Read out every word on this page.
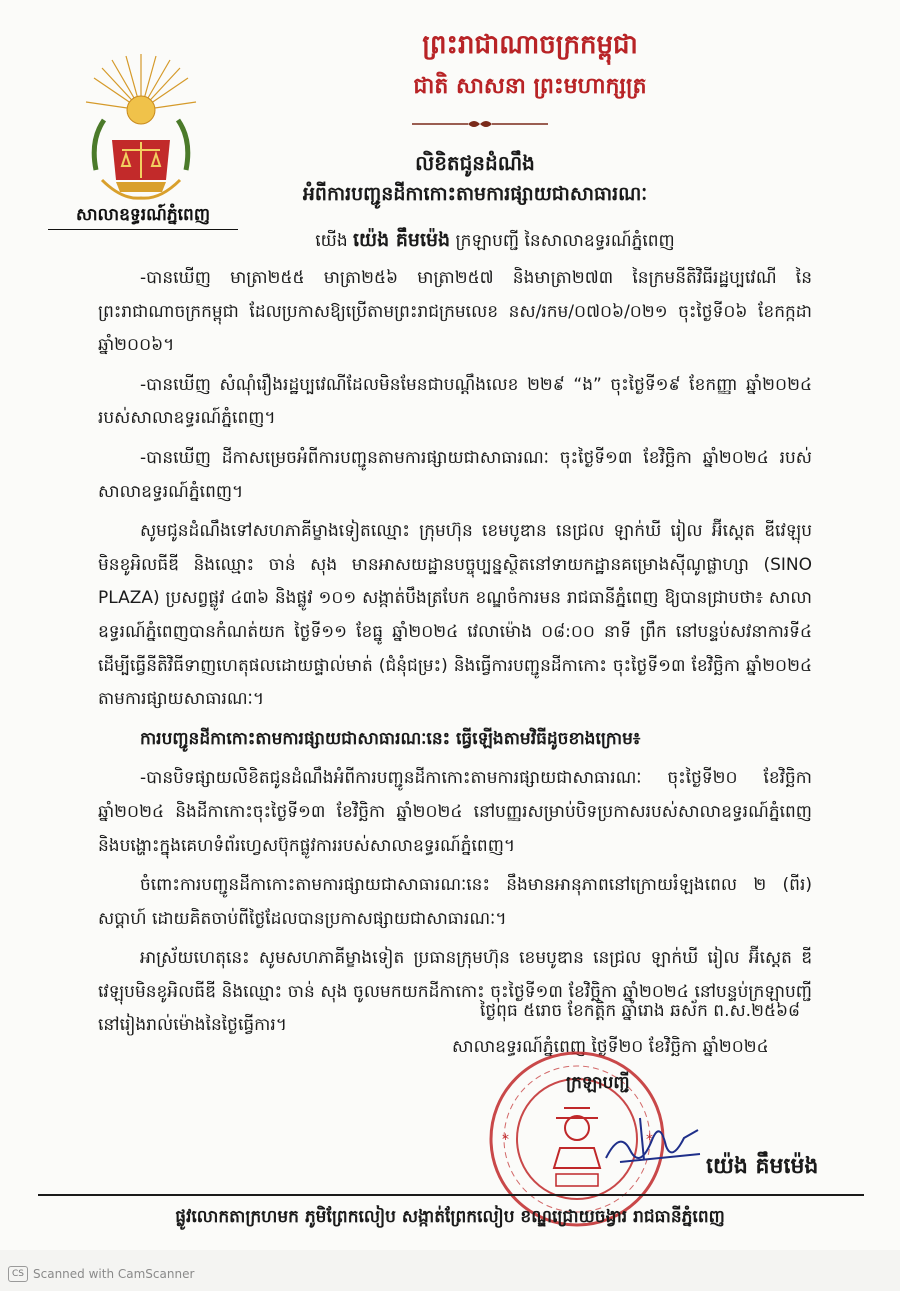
សាលាឧទ្ធរណ៍ភ្នំពេញ
ព្រះរាជាណាចក្រកម្ពុជា
ជាតិ សាសនា ព្រះមហាក្សត្រ
លិខិតជូនដំណឹង
អំពីការបញ្ជូនដីកាកោះតាមការផ្សាយជាសាធារណៈ
យើង យ៉េង គឹមម៉េង ក្រឡាបញ្ជី នៃសាលាឧទ្ធរណ៍ភ្នំពេញ

-បានឃើញ មាត្រា២៥៥ មាត្រា២៥៦ មាត្រា២៥៧ និងមាត្រា២៧៣ នៃក្រមនីតិវិធីរដ្ឋប្បវេណី នៃព្រះរាជាណាចក្រកម្ពុជា ដែលប្រកាសឱ្យប្រើតាមព្រះរាជក្រមលេខ នស/រកម/០៧០៦/០២១ ចុះថ្ងៃទី០៦ ខែកក្កដា ឆ្នាំ២០០៦។

-បានឃើញ សំណុំរឿងរដ្ឋប្បវេណីដែលមិនមែនជាបណ្តឹងលេខ ២២៩ “ង” ចុះថ្ងៃទី១៩ ខែកញ្ញា ឆ្នាំ២០២៤ របស់សាលាឧទ្ធរណ៍ភ្នំពេញ។

-បានឃើញ ដីកាសម្រេចអំពីការបញ្ជូនតាមការផ្សាយជាសាធារណៈ ចុះថ្ងៃទី១៣ ខែវិច្ឆិកា ឆ្នាំ២០២៤ របស់សាលាឧទ្ធរណ៍ភ្នំពេញ។

សូមជូនដំណឹងទៅសហភាគីម្ខាងទៀតឈ្មោះ ក្រុមហ៊ុន ខេមបូឌាន នេជ្រល ឡាក់ឃី រៀល អ៊ីស្តេត ឌីវេឡុបមិនខូអិលធីឌី និងឈ្មោះ ចាន់ សុង មានអាសយដ្ឋានបច្ចុប្បន្នស្ថិតនៅទាយកដ្ឋានគម្រោងស៊ីណូផ្លាហ្សា (SINO PLAZA) ប្រសព្វផ្លូវ ៤៣៦ និងផ្លូវ ១០១ សង្កាត់បឹងត្របែក ខណ្ឌចំការមន រាជធានីភ្នំពេញ ឱ្យបានជ្រាបថា៖ សាលាឧទ្ធរណ៍ភ្នំពេញបានកំណត់យក ថ្ងៃទី១១ ខែធ្នូ ឆ្នាំ២០២៤ វេលាម៉ោង ០៨:០០ នាទី ព្រឹក នៅបន្ទប់សវនាការទី៤ ដើម្បីធ្វើនីតិវិធីទាញហេតុផលដោយផ្ទាល់មាត់ (ជំនុំជម្រះ) និងធ្វើការបញ្ជូនដីកាកោះ ចុះថ្ងៃទី១៣ ខែវិច្ឆិកា ឆ្នាំ២០២៤ តាមការផ្សាយសាធារណៈ។

ការបញ្ជូនដីកាកោះតាមការផ្សាយជាសាធារណៈនេះ ធ្វើឡើងតាមវិធីដូចខាងក្រោម៖

-បានបិទផ្សាយលិខិតជូនដំណឹងអំពីការបញ្ជូនដីកាកោះតាមការផ្សាយជាសាធារណៈ ចុះថ្ងៃទី២០ ខែវិច្ឆិកា ឆ្នាំ២០២៤ និងដីកាកោះចុះថ្ងៃទី១៣ ខែវិច្ឆិកា ឆ្នាំ២០២៤ នៅបញ្ញរសម្រាប់បិទប្រកាសរបស់សាលាឧទ្ធរណ៍ភ្នំពេញ និងបង្ហោះក្នុងគេហទំព័រហ្វេសប៊ុកផ្លូវការរបស់សាលាឧទ្ធរណ៍ភ្នំពេញ។

ចំពោះការបញ្ជូនដីកាកោះតាមការផ្សាយជាសាធារណៈនេះ នឹងមានអានុភាពនៅក្រោយរំឡងពេល ២ (ពីរ) សប្តាហ៍ ដោយគិតចាប់ពីថ្ងៃដែលបានប្រកាសផ្សាយជាសាធារណៈ។

អាស្រ័យហេតុនេះ សូមសហភាគីម្ខាងទៀត ប្រធានក្រុមហ៊ុន ខេមបូឌាន នេជ្រល ឡាក់ឃី រៀល អ៊ីស្តេត ឌីវេឡុបមិនខូអិលធីឌី និងឈ្មោះ ចាន់ សុង ចូលមកយកដីកាកោះ ចុះថ្ងៃទី១៣ ខែវិច្ឆិកា ឆ្នាំ២០២៤ នៅបន្ទប់ក្រឡាបញ្ជីនៅរៀងរាល់ម៉ោងនៃថ្ងៃធ្វើការ។

ថ្ងៃពុធ ៥រោច ខែកត្តិក ឆ្នាំរោង ឆស័ក ព.ស.២៥៦៨
សាលាឧទ្ធរណ៍ភ្នំពេញ ថ្ងៃទី២០ ខែវិច្ឆិកា ឆ្នាំ២០២៤
*	*
ក្រឡាបញ្ជី
យ៉េង គឹមម៉េង
ផ្លូវលោកតាក្រហមក ភូមិព្រែកលៀប សង្កាត់ព្រែកលៀប ខណ្ឌជ្រោយចង្វារ រាជធានីភ្នំពេញ
CS Scanned with CamScanner
